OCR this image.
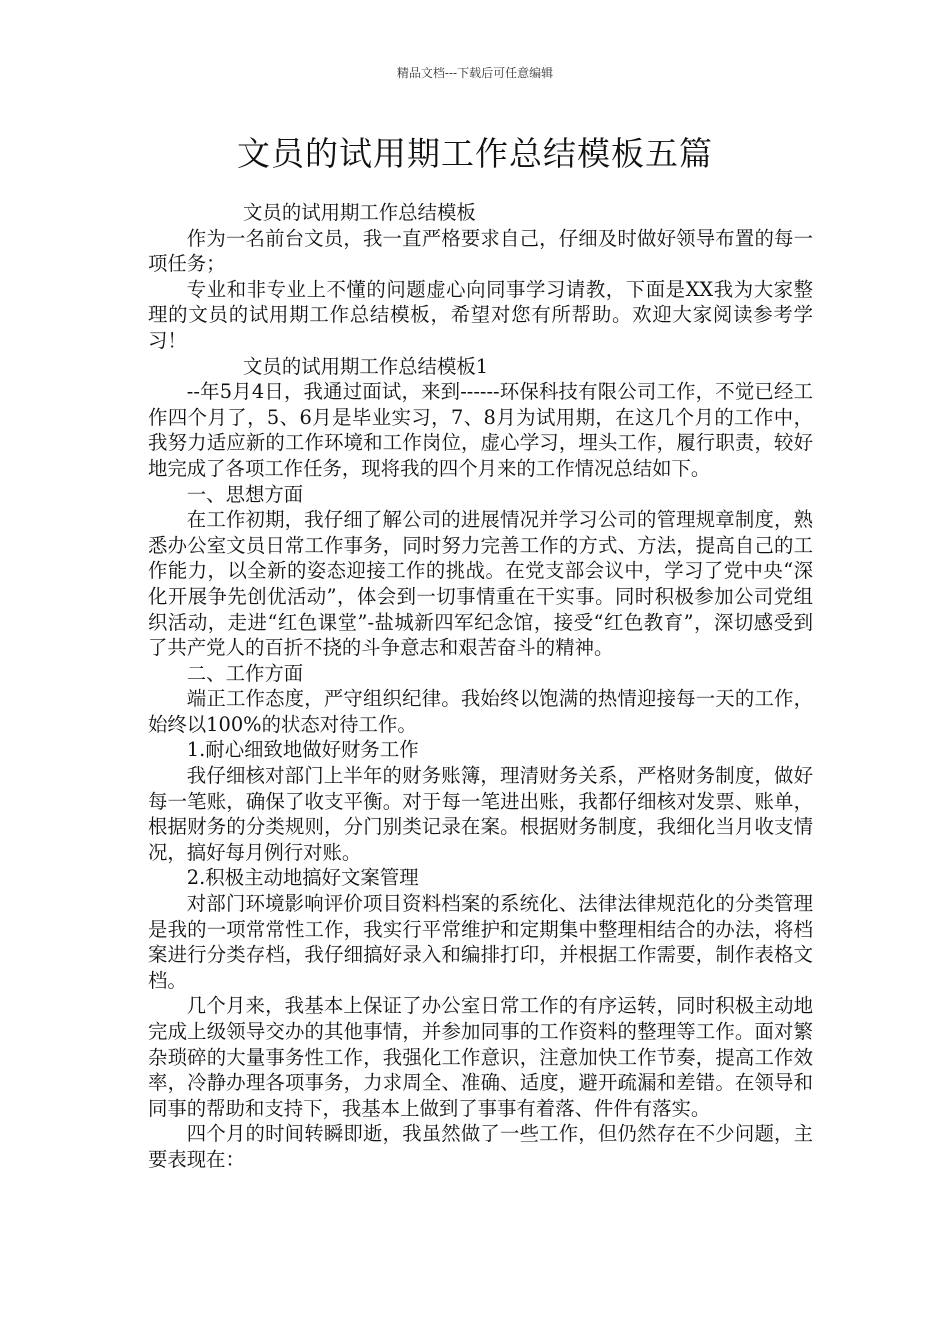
精品文档---下载后可任意编辑
文员的试用期工作总结模板五篇

文员的试用期工作总结模板

作为一名前台文员，我一直严格要求自己，仔细及时做好领导布置的每一项任务；

专业和非专业上不懂的问题虚心向同事学习请教，下面是XX我为大家整理的文员的试用期工作总结模板，希望对您有所帮助。欢迎大家阅读参考学习！

文员的试用期工作总结模板1

--年5月4日，我通过面试，来到------环保科技有限公司工作，不觉已经工作四个月了，5、6月是毕业实习，7、8月为试用期，在这几个月的工作中，我努力适应新的工作环境和工作岗位，虚心学习，埋头工作，履行职责，较好地完成了各项工作任务，现将我的四个月来的工作情况总结如下。

一、思想方面

在工作初期，我仔细了解公司的进展情况并学习公司的管理规章制度，熟悉办公室文员日常工作事务，同时努力完善工作的方式、方法，提高自己的工作能力，以全新的姿态迎接工作的挑战。在党支部会议中，学习了党中央“深化开展争先创优活动”，体会到一切事情重在干实事。同时积极参加公司党组织活动，走进“红色课堂”-盐城新四军纪念馆，接受“红色教育”，深切感受到了共产党人的百折不挠的斗争意志和艰苦奋斗的精神。

二、工作方面

端正工作态度，严守组织纪律。我始终以饱满的热情迎接每一天的工作，始终以100%的状态对待工作。

1.耐心细致地做好财务工作

我仔细核对部门上半年的财务账簿，理清财务关系，严格财务制度，做好每一笔账，确保了收支平衡。对于每一笔进出账，我都仔细核对发票、账单，根据财务的分类规则，分门别类记录在案。根据财务制度，我细化当月收支情况，搞好每月例行对账。

2.积极主动地搞好文案管理

对部门环境影响评价项目资料档案的系统化、法律法律规范化的分类管理是我的一项常常性工作，我实行平常维护和定期集中整理相结合的办法，将档案进行分类存档，我仔细搞好录入和编排打印，并根据工作需要，制作表格文档。

几个月来，我基本上保证了办公室日常工作的有序运转，同时积极主动地完成上级领导交办的其他事情，并参加同事的工作资料的整理等工作。面对繁杂琐碎的大量事务性工作，我强化工作意识，注意加快工作节奏，提高工作效率，冷静办理各项事务，力求周全、准确、适度，避开疏漏和差错。在领导和同事的帮助和支持下，我基本上做到了事事有着落、件件有落实。

四个月的时间转瞬即逝，我虽然做了一些工作，但仍然存在不少问题，主要表现在：
